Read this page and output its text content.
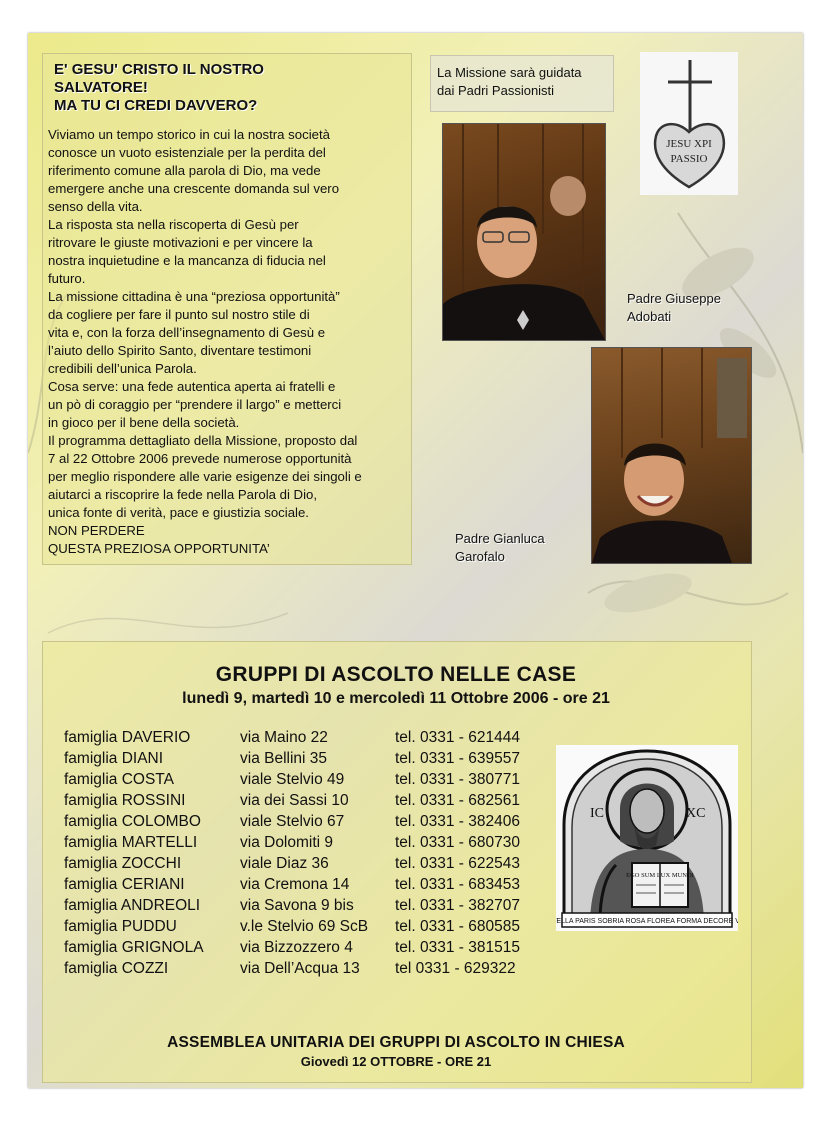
E' GESU' CRISTO IL NOSTRO
SALVATORE!
MA TU CI CREDI DAVVERO?
Viviamo un tempo storico in cui la nostra società
conosce un vuoto esistenziale per la perdita del
riferimento comune alla parola di Dio, ma vede
emergere anche una crescente domanda sul vero
senso della vita.
La risposta sta nella riscoperta di Gesù per
ritrovare le giuste motivazioni e per vincere la
nostra inquietudine e la mancanza di fiducia nel
futuro.
La missione cittadina è una “preziosa opportunità”
da cogliere per fare il punto sul nostro stile di
vita e, con la forza dell’insegnamento di Gesù e
l’aiuto dello Spirito Santo, diventare testimoni
credibili dell’unica Parola.
Cosa serve: una fede autentica aperta ai fratelli e
un pò di coraggio per “prendere il largo” e metterci
in gioco per il bene della società.
Il programma dettagliato della Missione, proposto dal
7 al 22 Ottobre 2006 prevede numerose opportunità
per meglio rispondere alle varie esigenze dei singoli e
aiutarci a riscoprire la fede nella Parola di Dio,
unica fonte di verità, pace e giustizia sociale.
NON PERDERE
QUESTA PREZIOSA OPPORTUNITA’
La Missione sarà guidata
dai Padri Passionisti
JESU XPI
PASSIO
Padre Giuseppe
Adobati
Padre Gianluca
Garofalo
GRUPPI DI ASCOLTO NELLE CASE
lunedì 9, martedì 10 e mercoledì 11 Ottobre 2006 - ore 21
famiglia DAVERIO	via Maino 22	tel. 0331 - 621444
famiglia DIANI	via Bellini 35	tel. 0331 - 639557
famiglia COSTA	viale Stelvio 49	tel. 0331 - 380771
famiglia ROSSINI	via dei Sassi 10	tel. 0331 - 682561
famiglia COLOMBO	viale Stelvio 67	tel. 0331 - 382406
famiglia MARTELLI	via Dolomiti 9	tel. 0331 - 680730
famiglia ZOCCHI	viale Diaz 36	tel. 0331 - 622543
famiglia CERIANI	via Cremona 14	tel. 0331 - 683453
famiglia ANDREOLI	via Savona 9 bis	tel. 0331 - 382707
famiglia PUDDU	v.le Stelvio 69 ScB tel. 0331 - 680585
famiglia GRIGNOLA via Bizzozzero 4	tel. 0331 - 381515
famiglia COZZI	via Dell’Acqua 13 tel 0331 - 629322
EGO SUM LUX MUNDI
IC	XC
STELLA PARIS SOBRIA ROSA FLOREA FORMA DECORE VIX
ASSEMBLEA UNITARIA DEI GRUPPI DI ASCOLTO IN CHIESA
Giovedì 12 OTTOBRE - ORE 21
